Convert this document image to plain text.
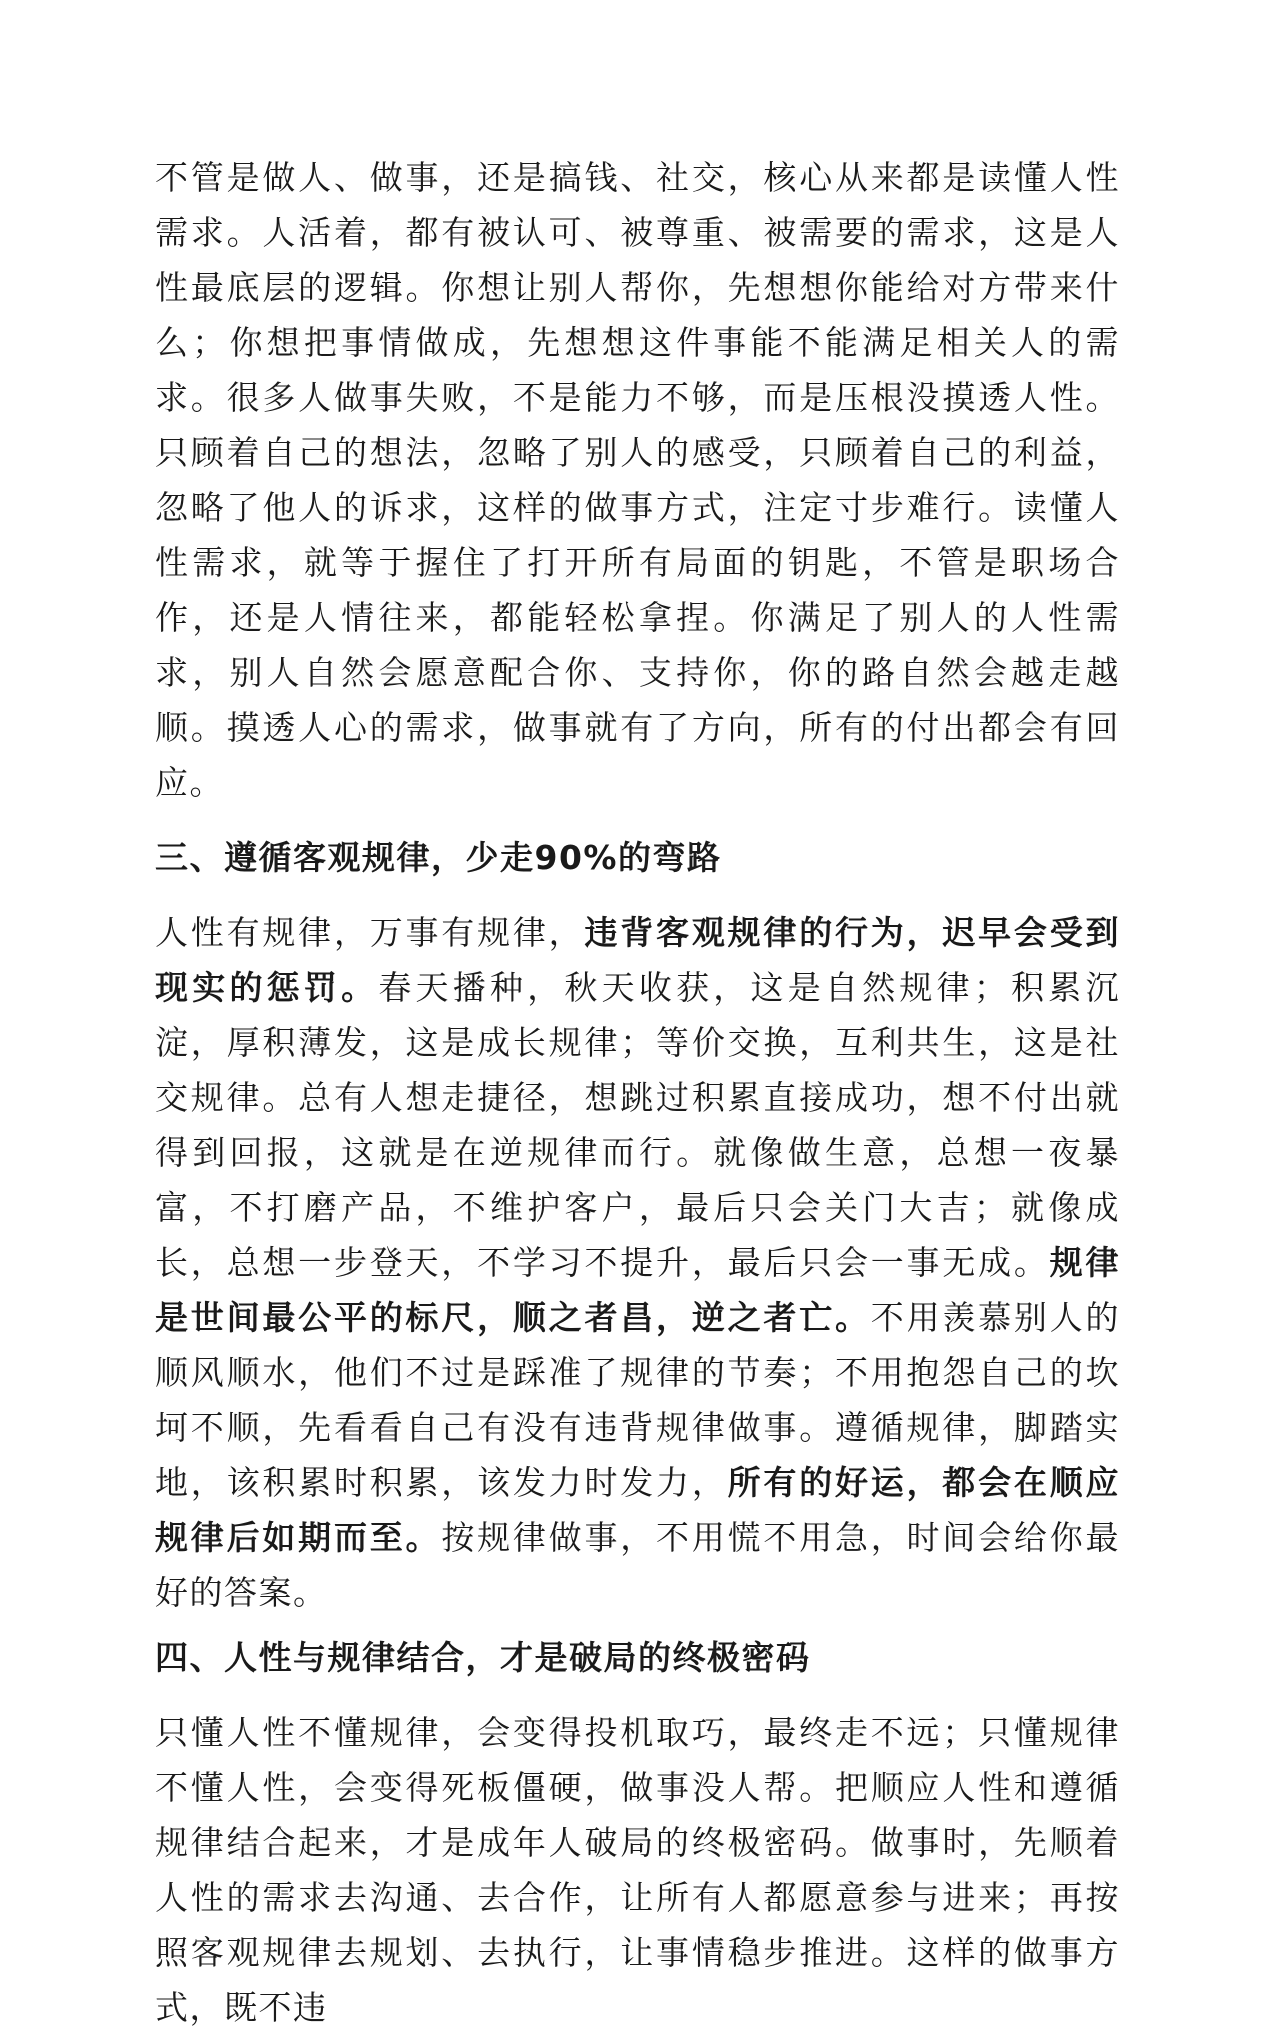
不管是做人、做事，还是搞钱、社交，核心从来都是读懂人性需求。人活着，都有被认可、被尊重、被需要的需求，这是人性最底层的逻辑。你想让别人帮你，先想想你能给对方带来什么；你想把事情做成，先想想这件事能不能满足相关人的需求。很多人做事失败，不是能力不够，而是压根没摸透人性。只顾着自己的想法，忽略了别人的感受，只顾着自己的利益，忽略了他人的诉求，这样的做事方式，注定寸步难行。读懂人性需求，就等于握住了打开所有局面的钥匙，不管是职场合作，还是人情往来，都能轻松拿捏。你满足了别人的人性需求，别人自然会愿意配合你、支持你，你的路自然会越走越顺。摸透人心的需求，做事就有了方向，所有的付出都会有回应。

三、遵循客观规律，少走90%的弯路

人性有规律，万事有规律，违背客观规律的行为，迟早会受到现实的惩罚。春天播种，秋天收获，这是自然规律；积累沉淀，厚积薄发，这是成长规律；等价交换，互利共生，这是社交规律。总有人想走捷径，想跳过积累直接成功，想不付出就得到回报，这就是在逆规律而行。就像做生意，总想一夜暴富，不打磨产品，不维护客户，最后只会关门大吉；就像成长，总想一步登天，不学习不提升，最后只会一事无成。规律是世间最公平的标尺，顺之者昌，逆之者亡。不用羡慕别人的顺风顺水，他们不过是踩准了规律的节奏；不用抱怨自己的坎坷不顺，先看看自己有没有违背规律做事。遵循规律，脚踏实地，该积累时积累，该发力时发力，所有的好运，都会在顺应规律后如期而至。按规律做事，不用慌不用急，时间会给你最好的答案。

四、人性与规律结合，才是破局的终极密码

只懂人性不懂规律，会变得投机取巧，最终走不远；只懂规律不懂人性，会变得死板僵硬，做事没人帮。把顺应人性和遵循规律结合起来，才是成年人破局的终极密码。做事时，先顺着人性的需求去沟通、去合作，让所有人都愿意参与进来；再按照客观规律去规划、去执行，让事情稳步推进。这样的做事方式，既不违
